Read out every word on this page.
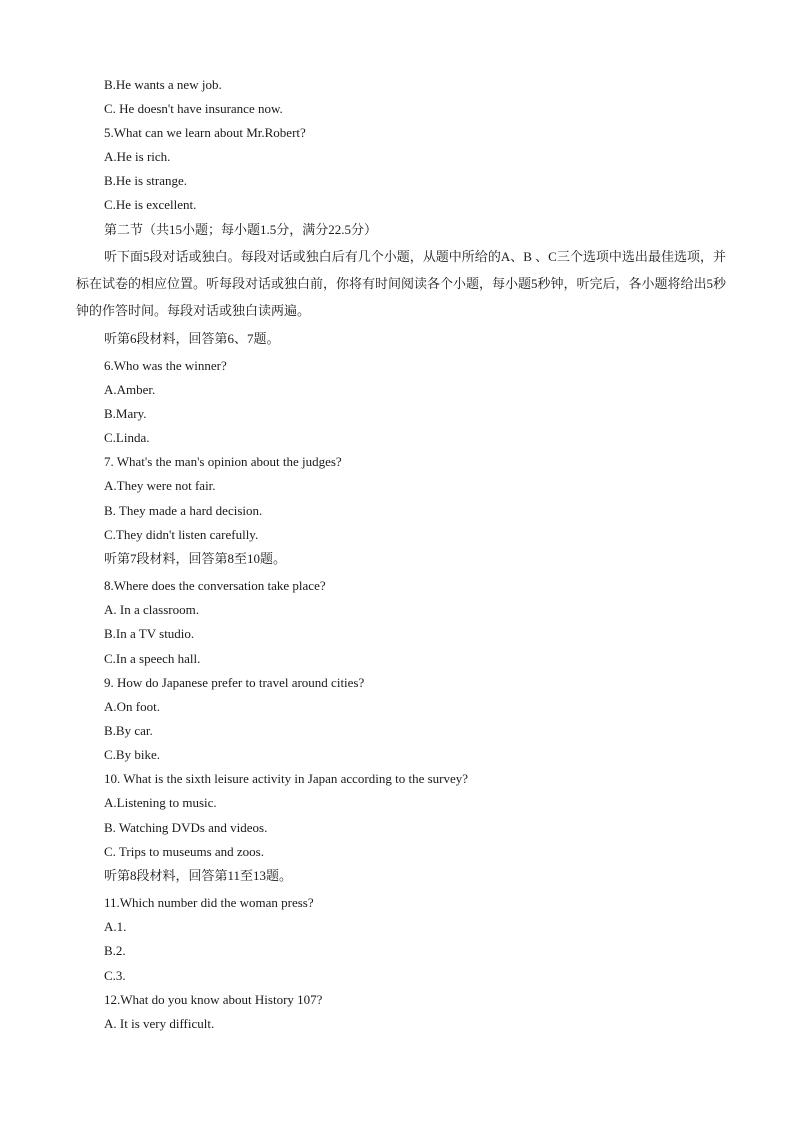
B.He wants a new job.
C. He doesn't have insurance now.
5.What can we learn about Mr.Robert?
A.He is rich.
B.He is strange.
C.He is excellent.
第二节（共15小题；每小题1.5分，满分22.5分）
听下面5段对话或独白。每段对话或独白后有几个小题，从题中所给的A、B 、C三个选项中选出最佳选项，并标在试卷的相应位置。听每段对话或独白前，你将有时间阅读各个小题，每小题5秒钟，听完后，各小题将给出5秒钟的作答时间。每段对话或独白读两遍。
听第6段材料，回答第6、7题。
6.Who was the winner?
A.Amber.
B.Mary.
C.Linda.
7. What's the man's opinion about the judges?
A.They were not fair.
B. They made a hard decision.
C.They didn't listen carefully.
听第7段材料，回答第8至10题。
8.Where does the conversation take place?
A. In a classroom.
B.In a TV studio.
C.In a speech hall.
9. How do Japanese prefer to travel around cities?
A.On foot.
B.By car.
C.By bike.
10. What is the sixth leisure activity in Japan according to the survey?
A.Listening to music.
B. Watching DVDs and videos.
C. Trips to museums and zoos.
听第8段材料，回答第11至13题。
11.Which number did the woman press?
A.1.
B.2.
C.3.
12.What do you know about History 107?
A. It is very difficult.
